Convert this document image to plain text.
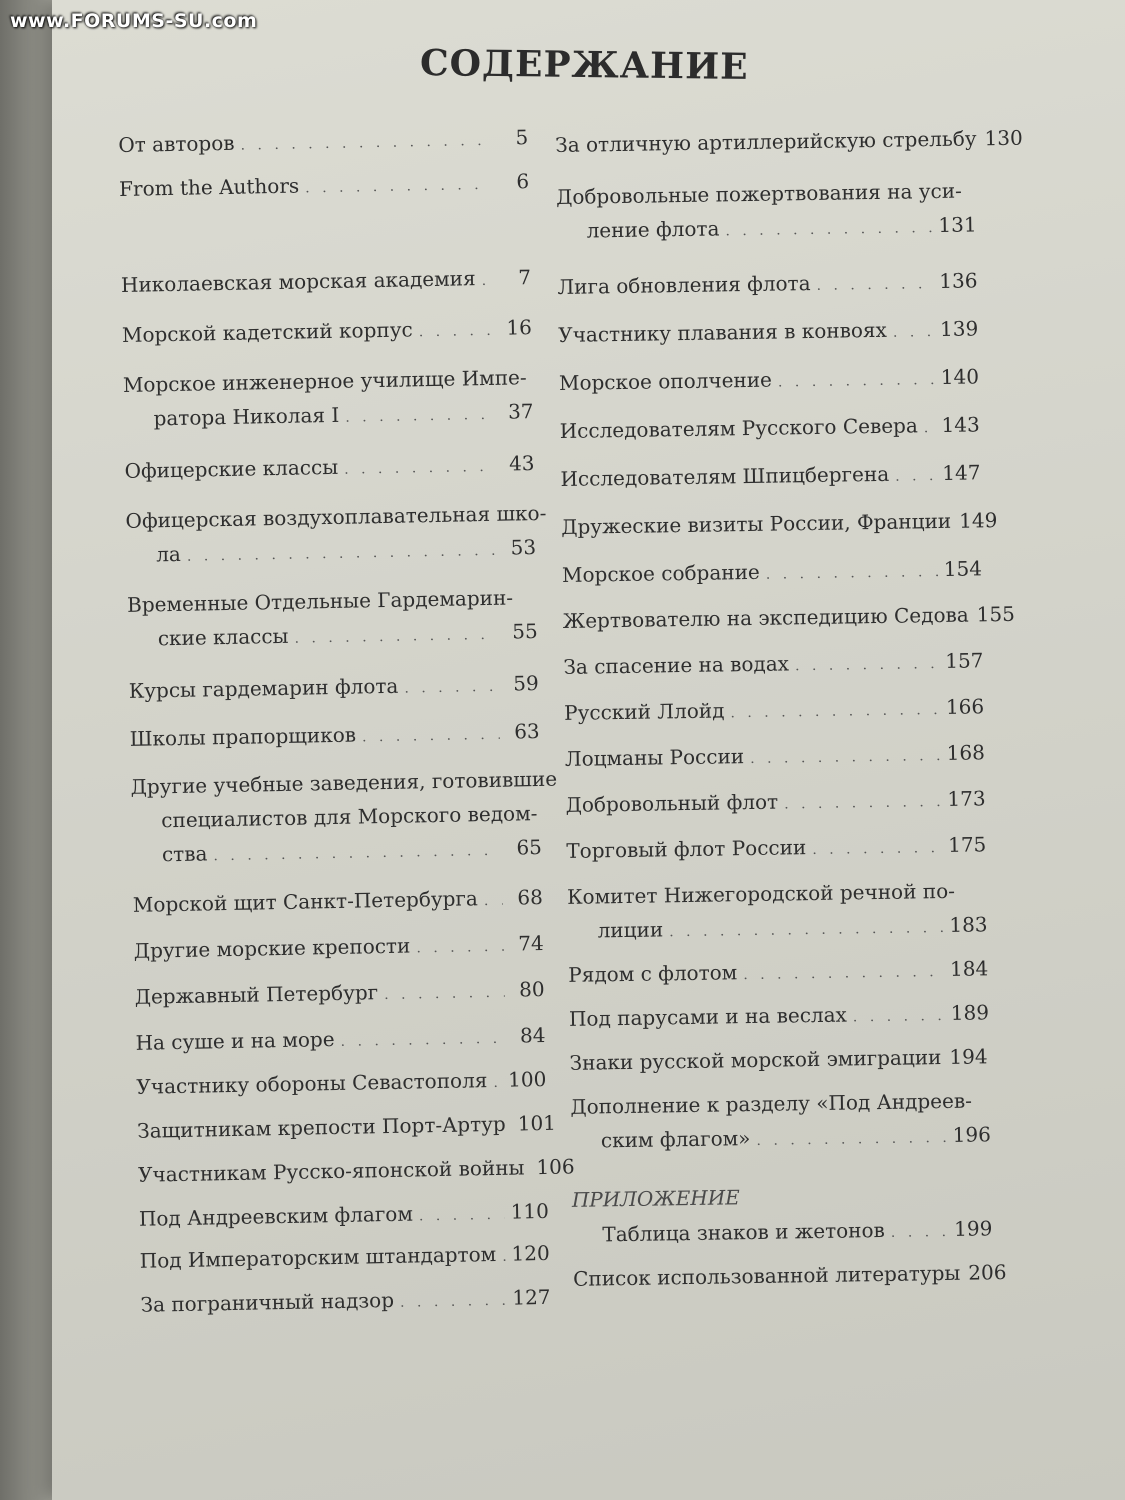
www.FORUMS-SU.com
СОДЕРЖАНИЕ
От авторов . . .	5
From the Authors . . .	6
Николаевская морская академия . . .	7
Морской кадетский корпус . . .	16
Морское инженерное училище Импе-
ратора Николая I . . .	37
Офицерские классы . . .	43
Офицерская воздухоплавательная шко-
ла . . .	53
Временные Отдельные Гардемарин-
ские классы . . .	55
Курсы гардемарин флота . . .	59
Школы прапорщиков . . .	63
Другие учебные заведения, готовившие
специалистов для Морского ведом-
ства . . .	65
Морской щит Санкт-Петербурга . . .	68
Другие морские крепости . . .	74
Державный Петербург . . .	80
На суше и на море . . .	84
Участнику обороны Севастополя . . . 100
Защитникам крепости Порт-Артур . . . 101
Участникам Русско-японской войны . . . 106
Под Андреевским флагом . . .	110
Под Императорским штандартом . . . 120
За пограничный надзор . . .	127
За отличную артиллерийскую стрельбу 130
Добровольные пожертвования на уси-
ление флота . . .	131
Лига обновления флота . . .	136
Участнику плавания в конвоях . . .	139
Морское ополчение . . .	140
Исследователям Русского Севера . . . 143
Исследователям Шпицбергена . . .	147
Дружеские визиты России, Франции 149
Морское собрание . . .	154
Жертвователю на экспедицию Седова 155
За спасение на водах . . .	157
Русский Ллойд . . .	166
Лоцманы России . . .	168
Добровольный флот . . .	173
Торговый флот России . . .	175
Комитет Нижегородской речной по-
лиции . . .	183
Рядом с флотом . . .	184
Под парусами и на веслах . . .	189
Знаки русской морской эмиграции 194
Дополнение к разделу «Под Андреев-
ским флагом» . . .	196
ПРИЛОЖЕНИЕ
Таблица знаков и жетонов . . .	199
Список использованной литературы 206
